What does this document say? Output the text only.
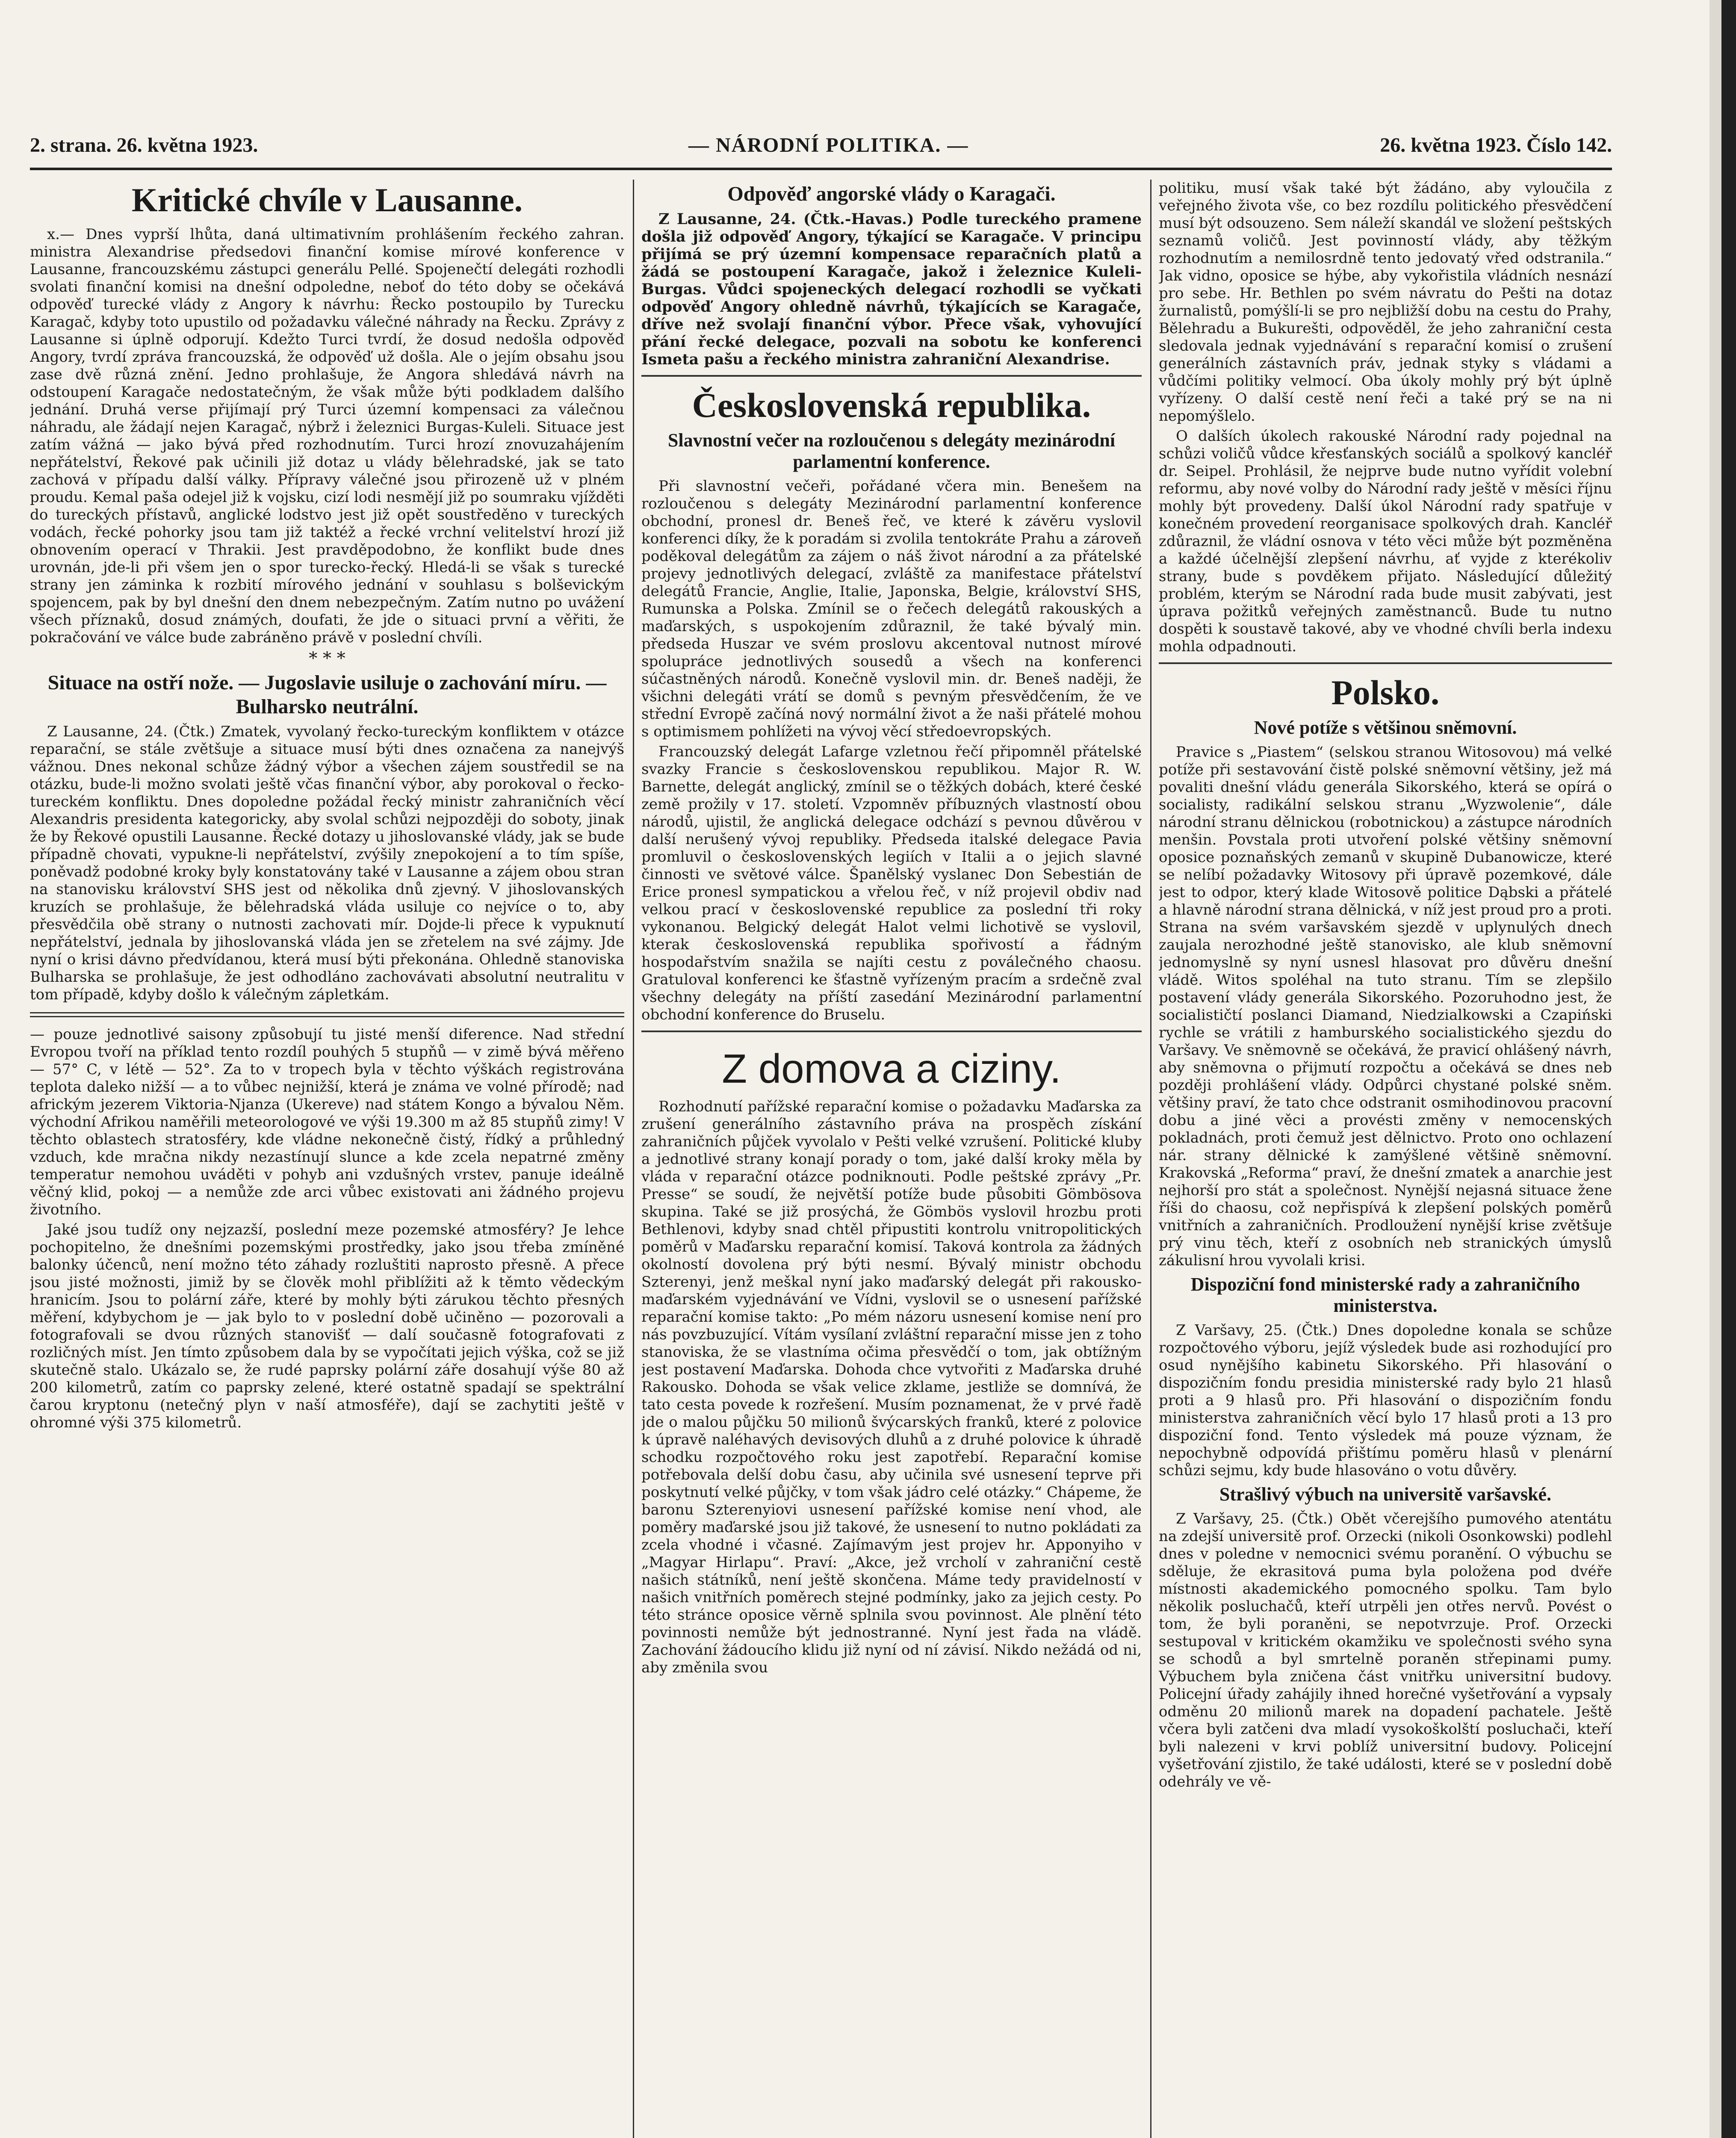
2. strana. 26. května 1923.	— NÁRODNÍ POLITIKA. —	26. května 1923. Číslo 142.
Kritické chvíle v Lausanne.

x.— Dnes vyprší lhůta, daná ultimativním prohlášením řeckého zahran. ministra Alexandrise předsedovi finanční komise mírové konference v Lausanne, francouzskému zástupci generálu Pellé. Spojenečtí delegáti rozhodli svolati finanční komisi na dnešní odpoledne, neboť do této doby se očekává odpověď turecké vlády z Angory k návrhu: Řecko postoupilo by Turecku Karagač, kdyby toto upustilo od požadavku válečné náhrady na Řecku. Zprávy z Lausanne si úplně odporují. Kdežto Turci tvrdí, že dosud nedošla odpověď Angory, tvrdí zpráva francouzská, že odpověď už došla. Ale o jejím obsahu jsou zase dvě různá znění. Jedno prohlašuje, že Angora shledává návrh na odstoupení Karagače nedostatečným, že však může býti podkladem dalšího jednání. Druhá verse přijímají prý Turci územní kompensaci za válečnou náhradu, ale žádají nejen Karagač, nýbrž i železnici Burgas-Kuleli. Situace jest zatím vážná — jako bývá před rozhodnutím. Turci hrozí znovuzahájením nepřátelství, Řekové pak učinili již dotaz u vlády bělehradské, jak se tato zachová v případu další války. Přípravy válečné jsou přirozeně už v plném proudu. Kemal paša odejel již k vojsku, cizí lodi nesmějí již po soumraku vjížděti do tureckých přístavů, anglické lodstvo jest již opět soustředěno v tureckých vodách, řecké pohorky jsou tam již taktéž a řecké vrchní velitelství hrozí již obnovením operací v Thrakii. Jest pravděpodobno, že konflikt bude dnes urovnán, jde-li při všem jen o spor turecko-řecký. Hledá-li se však s turecké strany jen záminka k rozbití mírového jednání v souhlasu s bolševickým spojencem, pak by byl dnešní den dnem nebezpečným. Zatím nutno po uvážení všech příznaků, dosud známých, doufati, že jde o situaci první a věřiti, že pokračování ve válce bude zabráněno právě v poslední chvíli.

* * *
Situace na ostří nože. — Jugoslavie usiluje o zachování míru. — Bulharsko neutrální.

Z Lausanne, 24. (Čtk.) Zmatek, vyvolaný řecko-tureckým konfliktem v otázce reparační, se stále zvětšuje a situace musí býti dnes označena za nanejvýš vážnou. Dnes nekonal schůze žádný výbor a všechen zájem soustředil se na otázku, bude-li možno svolati ještě včas finanční výbor, aby porokoval o řecko-tureckém konfliktu. Dnes dopoledne požádal řecký ministr zahraničních věcí Alexandris presidenta kategoricky, aby svolal schůzi nejpozději do soboty, jinak že by Řekové opustili Lausanne. Řecké dotazy u jihoslovanské vlády, jak se bude případně chovati, vypukne-li nepřátelství, zvýšily znepokojení a to tím spíše, poněvadž podobné kroky byly konstatovány také v Lausanne a zájem obou stran na stanovisku království SHS jest od několika dnů zjevný. V jihoslovanských kruzích se prohlašuje, že bělehradská vláda usiluje co nejvíce o to, aby přesvědčila obě strany o nutnosti zachovati mír. Dojde-li přece k vypuknutí nepřátelství, jednala by jihoslovanská vláda jen se zřetelem na své zájmy. Jde nyní o krisi dávno předvídanou, která musí býti překonána. Ohledně stanoviska Bulharska se prohlašuje, že jest odhodláno zachovávati absolutní neutralitu v tom případě, kdyby došlo k válečným zápletkám.

— pouze jednotlivé saisony způsobují tu jisté menší diference. Nad střední Evropou tvoří na příklad tento rozdíl pouhých 5 stupňů — v zimě bývá měřeno — 57° C, v létě — 52°. Za to v tropech byla v těchto výškách registrována teplota daleko nižší — a to vůbec nejnižší, která je známa ve volné přírodě; nad africkým jezerem Viktoria-Njanza (Ukereve) nad státem Kongo a bývalou Něm. východní Afrikou naměřili meteorologové ve výši 19.300 m až 85 stupňů zimy! V těchto oblastech stratosféry, kde vládne nekonečně čistý, řídký a průhledný vzduch, kde mračna nikdy nezastínují slunce a kde zcela nepatrné změny temperatur nemohou uváděti v pohyb ani vzdušných vrstev, panuje ideálně věčný klid, pokoj — a nemůže zde arci vůbec existovati ani žádného projevu životního.

Jaké jsou tudíž ony nejzazší, poslední meze pozemské atmosféry? Je lehce pochopitelno, že dnešními pozemskými prostředky, jako jsou třeba zmíněné balonky účenců, není možno této záhady rozluštiti naprosto přesně. A přece jsou jisté možnosti, jimiž by se člověk mohl přiblížiti až k těmto vědeckým hranicím. Jsou to polární záře, které by mohly býti zárukou těchto přesných měření, kdybychom je — jak bylo to v poslední době učiněno — pozorovali a fotografovali se dvou různých stanovišť — dalí současně fotografovati z rozličných míst. Jen tímto způsobem dala by se vypočítati jejich výška, což se již skutečně stalo. Ukázalo se, že rudé paprsky polární záře dosahují výše 80 až 200 kilometrů, zatím co paprsky zelené, které ostatně spadají se spektrální čarou kryptonu (netečný plyn v naší atmosféře), dají se zachytiti ještě v ohromné výši 375 kilometrů.

Odpověď angorské vlády o Karagači.
Z Lausanne, 24. (Čtk.-Havas.) Podle tureckého pramene došla již odpověď Angory, týkající se Karagače. V principu přijímá se prý územní kompensace reparačních platů a žádá se postoupení Karagače, jakož i železnice Kuleli-Burgas. Vůdci spojeneckých delegací rozhodli se vyčkati odpověď Angory ohledně návrhů, týkajících se Karagače, dříve než svolají finanční výbor. Přece však, vyhovující přání řecké delegace, pozvali na sobotu ke konferenci Ismeta pašu a řeckého ministra zahraniční Alexandrise.
Československá republika.
Slavnostní večer na rozloučenou s delegáty mezinárodní parlamentní konference.

Při slavnostní večeři, pořádané včera min. Benešem na rozloučenou s delegáty Mezinárodní parlamentní konference obchodní, pronesl dr. Beneš řeč, ve které k závěru vyslovil konferenci díky, že k poradám si zvolila tentokráte Prahu a zároveň poděkoval delegátům za zájem o náš život národní a za přátelské projevy jednotlivých delegací, zvláště za manifestace přátelství delegátů Francie, Anglie, Italie, Japonska, Belgie, království SHS, Rumunska a Polska. Zmínil se o řečech delegátů rakouských a maďarských, s uspokojením zdůraznil, že také bývalý min. předseda Huszar ve svém proslovu akcentoval nutnost mírové spolupráce jednotlivých sousedů a všech na konferenci súčastněných národů. Konečně vyslovil min. dr. Beneš naději, že všichni delegáti vrátí se domů s pevným přesvědčením, že ve střední Evropě začíná nový normální život a že naši přátelé mohou s optimismem pohlížeti na vývoj věcí středoevropských.

Francouzský delegát Lafarge vzletnou řečí připomněl přátelské svazky Francie s československou republikou. Major R. W. Barnette, delegát anglický, zmínil se o těžkých dobách, které české země prožily v 17. století. Vzpomněv příbuzných vlastností obou národů, ujistil, že anglická delegace odchází s pevnou důvěrou v další nerušený vývoj republiky. Předseda italské delegace Pavia promluvil o československých legiích v Italii a o jejich slavné činnosti ve světové válce. Španělský vyslanec Don Sebestián de Erice pronesl sympatickou a vřelou řeč, v níž projevil obdiv nad velkou prací v československé republice za poslední tři roky vykonanou. Belgický delegát Halot velmi lichotivě se vyslovil, kterak československá republika spořivostí a řádným hospodařstvím snažila se najíti cestu z poválečného chaosu. Gratuloval konferenci ke šťastně vyřízeným pracím a srdečně zval všechny delegáty na příští zasedání Mezinárodní parlamentní obchodní konference do Bruselu.

Z domova a ciziny.

Rozhodnutí pařížské reparační komise o požadavku Maďarska za zrušení generálního zástavního práva na prospěch získání zahraničních půjček vyvolalo v Pešti velké vzrušení. Politické kluby a jednotlivé strany konají porady o tom, jaké další kroky měla by vláda v reparační otázce podniknouti. Podle peštské zprávy „Pr. Presse“ se soudí, že největší potíže bude působiti Gömbösova skupina. Také se již prosýchá, že Gömbös vyslovil hrozbu proti Bethlenovi, kdyby snad chtěl připustiti kontrolu vnitropolitických poměrů v Maďarsku reparační komisí. Taková kontrola za žádných okolností dovolena prý býti nesmí. Bývalý ministr obchodu Szterenyi, jenž meškal nyní jako maďarský delegát při rakousko-maďarském vyjednávání ve Vídni, vyslovil se o usnesení pařížské reparační komise takto: „Po mém názoru usnesení komise není pro nás povzbuzující. Vítám vysílaní zvláštní reparační misse jen z toho stanoviska, že se vlastníma očima přesvědčí o tom, jak obtížným jest postavení Maďarska. Dohoda chce vytvořiti z Maďarska druhé Rakousko. Dohoda se však velice zklame, jestliže se domnívá, že tato cesta povede k rozřešení. Musím poznamenat, že v prvé řadě jde o malou půjčku 50 milionů švýcarských franků, které z polovice k úpravě naléhavých devisových dluhů a z druhé polovice k úhradě schodku rozpočtového roku jest zapotřebí. Reparační komise potřebovala delší dobu času, aby učinila své usnesení teprve při poskytnutí velké půjčky, v tom však jádro celé otázky.“ Chápeme, že baronu Szterenyiovi usnesení pařížské komise není vhod, ale poměry maďarské jsou již takové, že usnesení to nutno pokládati za zcela vhodné i včasné. Zajímavým jest projev hr. Apponyiho v „Magyar Hirlapu“. Praví: „Akce, jež vrcholí v zahraniční cestě našich státníků, není ještě skončena. Máme tedy pravidelností v našich vnitřních poměrech stejné podmínky, jako za jejich cesty. Po této stránce oposice věrně splnila svou povinnost. Ale plnění této povinnosti nemůže být jednostranné. Nyní jest řada na vládě. Zachování žádoucího klidu již nyní od ní závisí. Nikdo nežádá od ni, aby změnila svou

politiku, musí však také být žádáno, aby vyloučila z veřejného života vše, co bez rozdílu politického přesvědčení musí být odsouzeno. Sem náleží skandál ve složení peštských seznamů voličů. Jest povinností vlády, aby těžkým rozhodnutím a nemilosrdně tento jedovatý vřed odstranila.“ Jak vidno, oposice se hýbe, aby vykořistila vládních nesnází pro sebe. Hr. Bethlen po svém návratu do Pešti na dotaz žurnalistů, pomýšlí-li se pro nejbližší dobu na cestu do Prahy, Bělehradu a Bukurešti, odpověděl, že jeho zahraniční cesta sledovala jednak vyjednávání s reparační komisí o zrušení generálních zástavních práv, jednak styky s vládami a vůdčími politiky velmocí. Oba úkoly mohly prý být úplně vyřízeny. O další cestě není řeči a také prý se na ni nepomýšlelo.

O dalších úkolech rakouské Národní rady pojednal na schůzi voličů vůdce křesťanských sociálů a spolkový kancléř dr. Seipel. Prohlásil, že nejprve bude nutno vyřídit volební reformu, aby nové volby do Národní rady ještě v měsíci říjnu mohly být provedeny. Další úkol Národní rady spatřuje v konečném provedení reorganisace spolkových drah. Kancléř zdůraznil, že vládní osnova v této věci může být pozměněna a každé účelnější zlepšení návrhu, ať vyjde z kterékoliv strany, bude s povděkem přijato. Následující důležitý problém, kterým se Národní rada bude musit zabývati, jest úprava požitků veřejných zaměstnanců. Bude tu nutno dospěti k soustavě takové, aby ve vhodné chvíli berla indexu mohla odpadnouti.

Polsko.
Nové potíže s většinou sněmovní.

Pravice s „Piastem“ (selskou stranou Witosovou) má velké potíže při sestavování čistě polské sněmovní většiny, jež má povaliti dnešní vládu generála Sikorského, která se opírá o socialisty, radikální selskou stranu „Wyzwolenie“, dále národní stranu dělnickou (robotnickou) a zástupce národních menšin. Povstala proti utvoření polské většiny sněmovní oposice poznaňských zemanů v skupině Dubanowicze, které se nelíbí požadavky Witosovy při úpravě pozemkové, dále jest to odpor, který klade Witosově politice Dąbski a přátelé a hlavně národní strana dělnická, v níž jest proud pro a proti. Strana na svém varšavském sjezdě v uplynulých dnech zaujala nerozhodné ještě stanovisko, ale klub sněmovní jednomyslně sy nyní usnesl hlasovat pro důvěru dnešní vládě. Witos spoléhal na tuto stranu. Tím se zlepšilo postavení vlády generála Sikorského. Pozoruhodno jest, že socialističtí poslanci Diamand, Niedzialkowski a Czapiński rychle se vrátili z hamburského socialistického sjezdu do Varšavy. Ve sněmovně se očekává, že pravicí ohlášený návrh, aby sněmovna o přijmutí rozpočtu a očekává se dnes neb později prohlášení vlády. Odpůrci chystané polské sněm. většiny praví, že tato chce odstranit osmihodinovou pracovní dobu a jiné věci a provésti změny v nemocenských pokladnách, proti čemuž jest dělnictvo. Proto ono ochlazení nár. strany dělnické k zamýšlené většině sněmovní. Krakovská „Reforma“ praví, že dnešní zmatek a anarchie jest nejhorší pro stát a společnost. Nynější nejasná situace žene říši do chaosu, což nepřispívá k zlepšení polských poměrů vnitřních a zahraničních. Prodloužení nynější krise zvětšuje prý vinu těch, kteří z osobních neb stranických úmyslů zákulisní hrou vyvolali krisi.

Dispoziční fond ministerské rady a zahraničního ministerstva.

Z Varšavy, 25. (Čtk.) Dnes dopoledne konala se schůze rozpočtového výboru, jejíž výsledek bude asi rozhodující pro osud nynějšího kabinetu Sikorského. Při hlasování o dispozičním fondu presidia ministerské rady bylo 21 hlasů proti a 9 hlasů pro. Při hlasování o dispozičním fondu ministerstva zahraničních věcí bylo 17 hlasů proti a 13 pro dispoziční fond. Tento výsledek má pouze význam, že nepochybně odpovídá přištímu poměru hlasů v plenární schůzi sejmu, kdy bude hlasováno o votu důvěry.

Strašlivý výbuch na universitě varšavské.

Z Varšavy, 25. (Čtk.) Obět včerejšího pumového atentátu na zdejší universitě prof. Orzecki (nikoli Osonkowski) podlehl dnes v poledne v nemocnici svému poranění. O výbuchu se sděluje, že ekrasitová puma byla položena pod dvéře místnosti akademického pomocného spolku. Tam bylo několik posluchačů, kteří utrpěli jen otřes nervů. Povést o tom, že byli poraněni, se nepotvrzuje. Prof. Orzecki sestupoval v kritickém okamžiku ve společnosti svého syna se schodů a byl smrtelně poraněn střepinami pumy. Výbuchem byla zničena část vnitřku universitní budovy. Policejní úřady zahájily ihned horečné vyšetřování a vypsaly odměnu 20 milionů marek na dopadení pachatele. Ještě včera byli zatčeni dva mladí vysokoškolští posluchači, kteří byli nalezeni v krvi poblíž universitní budovy. Policejní vyšetřování zjistilo, že také události, které se v poslední době odehrály ve vě-
